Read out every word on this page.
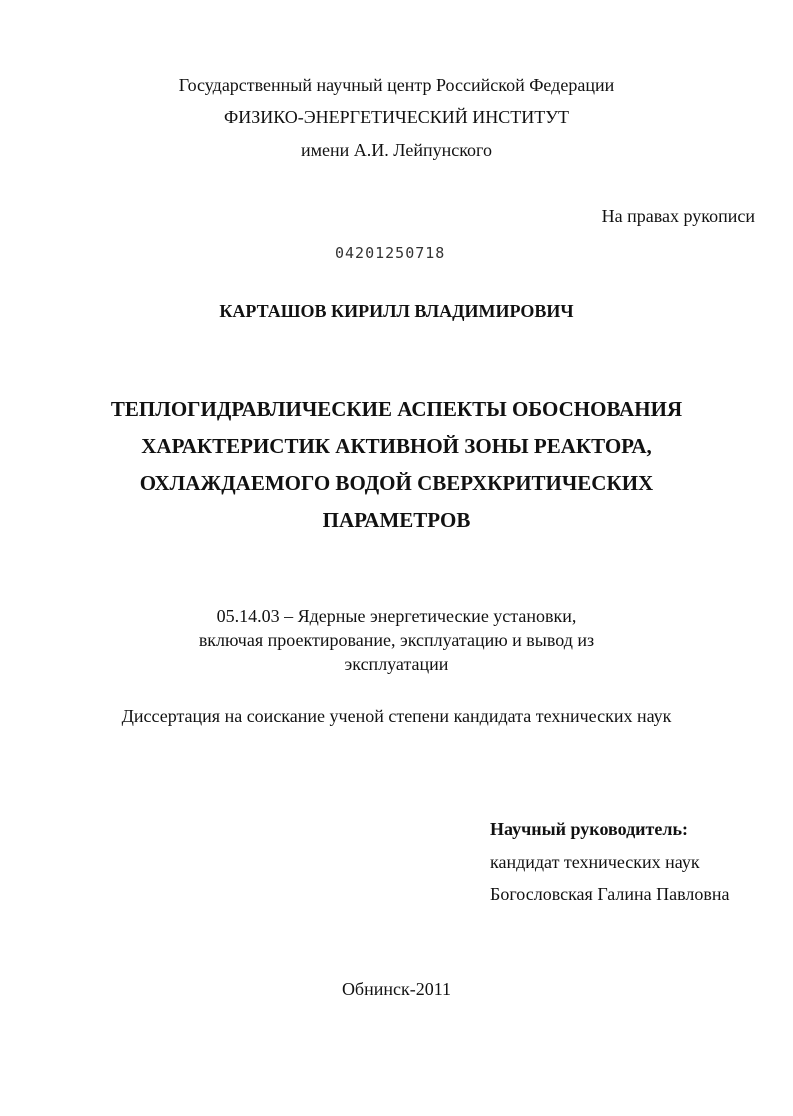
Государственный научный центр Российской Федерации
ФИЗИКО-ЭНЕРГЕТИЧЕСКИЙ ИНСТИТУТ
имени А.И. Лейпунского
На правах рукописи
04201250718
КАРТАШОВ КИРИЛЛ ВЛАДИМИРОВИЧ
ТЕПЛОГИДРАВЛИЧЕСКИЕ АСПЕКТЫ ОБОСНОВАНИЯ
ХАРАКТЕРИСТИК АКТИВНОЙ ЗОНЫ РЕАКТОРА,
ОХЛАЖДАЕМОГО ВОДОЙ СВЕРХКРИТИЧЕСКИХ
ПАРАМЕТРОВ
05.14.03 – Ядерные энергетические установки,
включая проектирование, эксплуатацию и вывод из
эксплуатации
Диссертация на соискание ученой степени кандидата технических наук
Научный руководитель:
кандидат технических наук
Богословская Галина Павловна
Обнинск-2011
